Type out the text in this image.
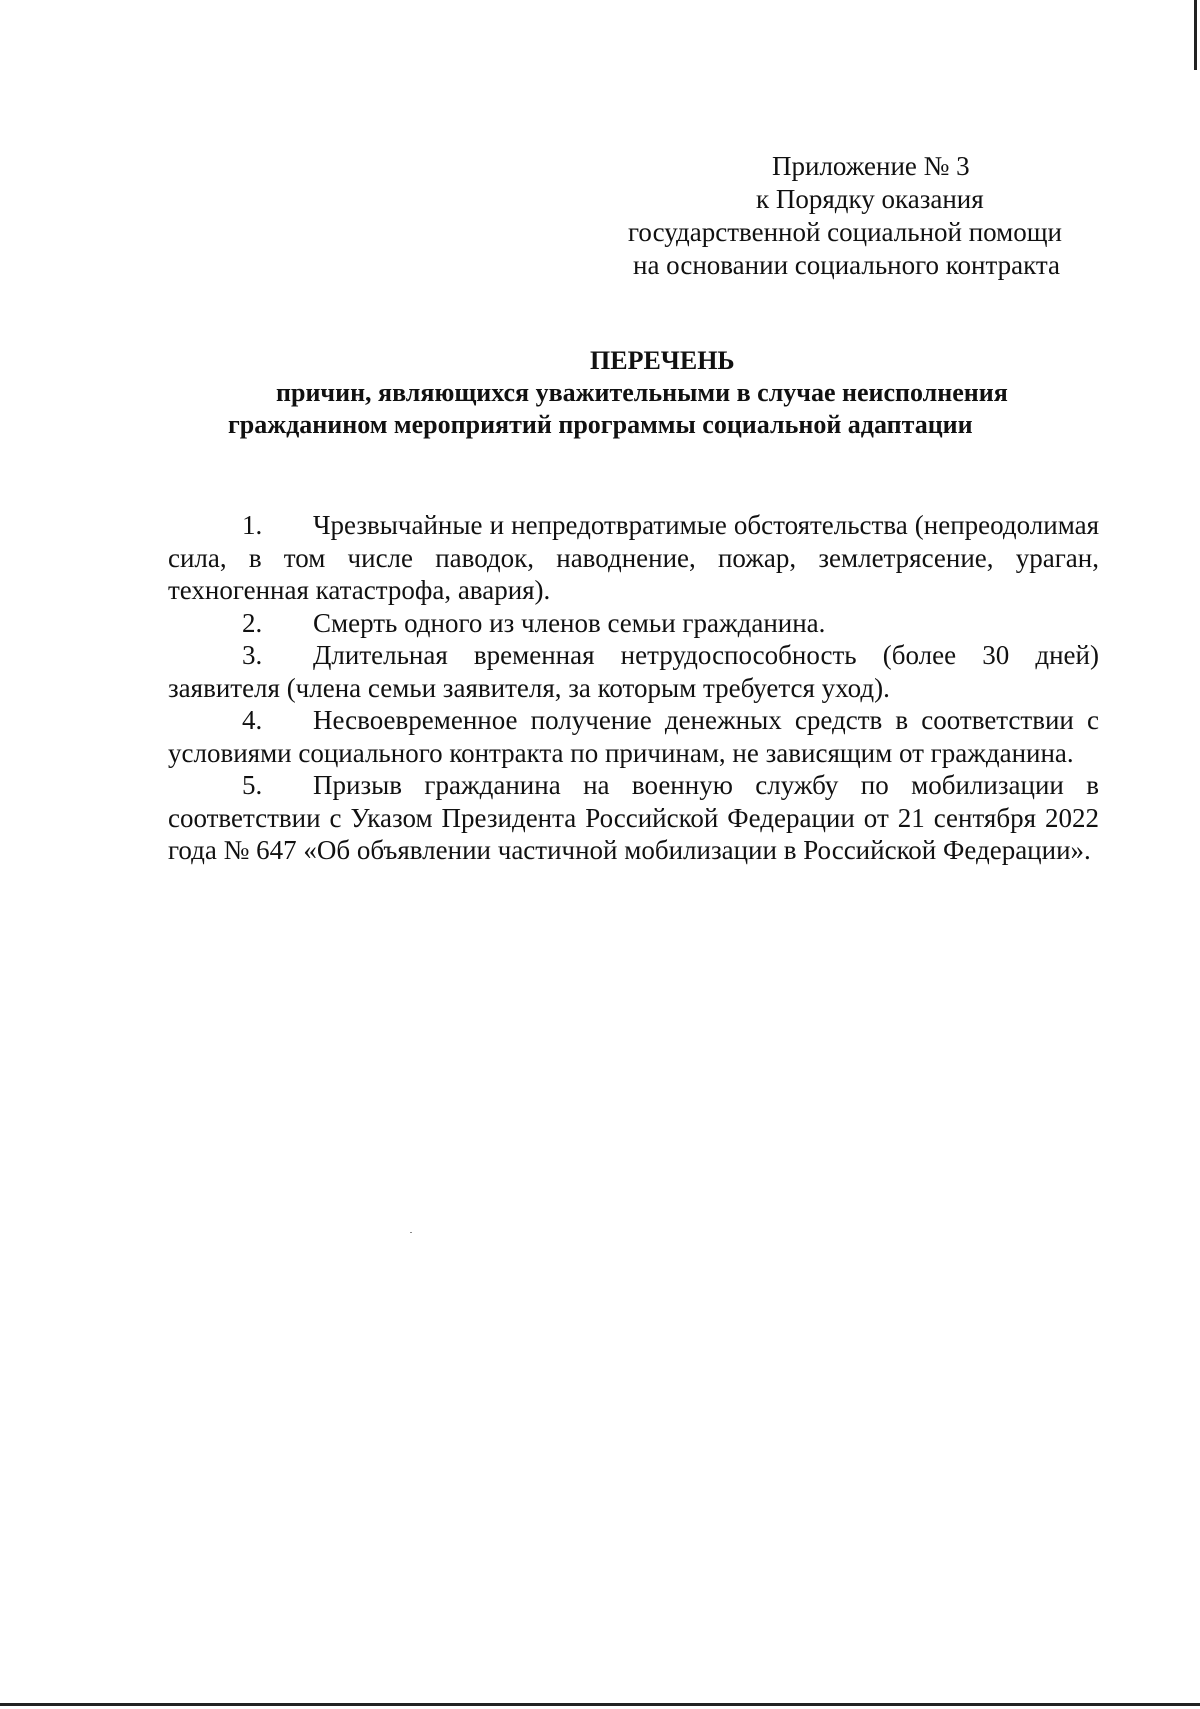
Приложение № 3
к Порядку оказания
государственной социальной помощи
на основании социального контракта
ПЕРЕЧЕНЬ
причин, являющихся уважительными в случае неисполнения
гражданином мероприятий программы социальной адаптации

1. Чрезвычайные и непредотвратимые обстоятельства (непреодолимая сила, в том числе паводок, наводнение, пожар, землетрясение, ураган, техногенная катастрофа, авария).

2. Смерть одного из членов семьи гражданина.

3. Длительная временная нетрудоспособность (более 30 дней) заявителя (члена семьи заявителя, за которым требуется уход).

4. Несвоевременное получение денежных средств в соответствии с условиями социального контракта по причинам, не зависящим от гражданина.

5. Призыв гражданина на военную службу по мобилизации в соответствии с Указом Президента Российской Федерации от 21 сентября 2022 года № 647 «Об объявлении частичной мобилизации в Российской Федерации».
